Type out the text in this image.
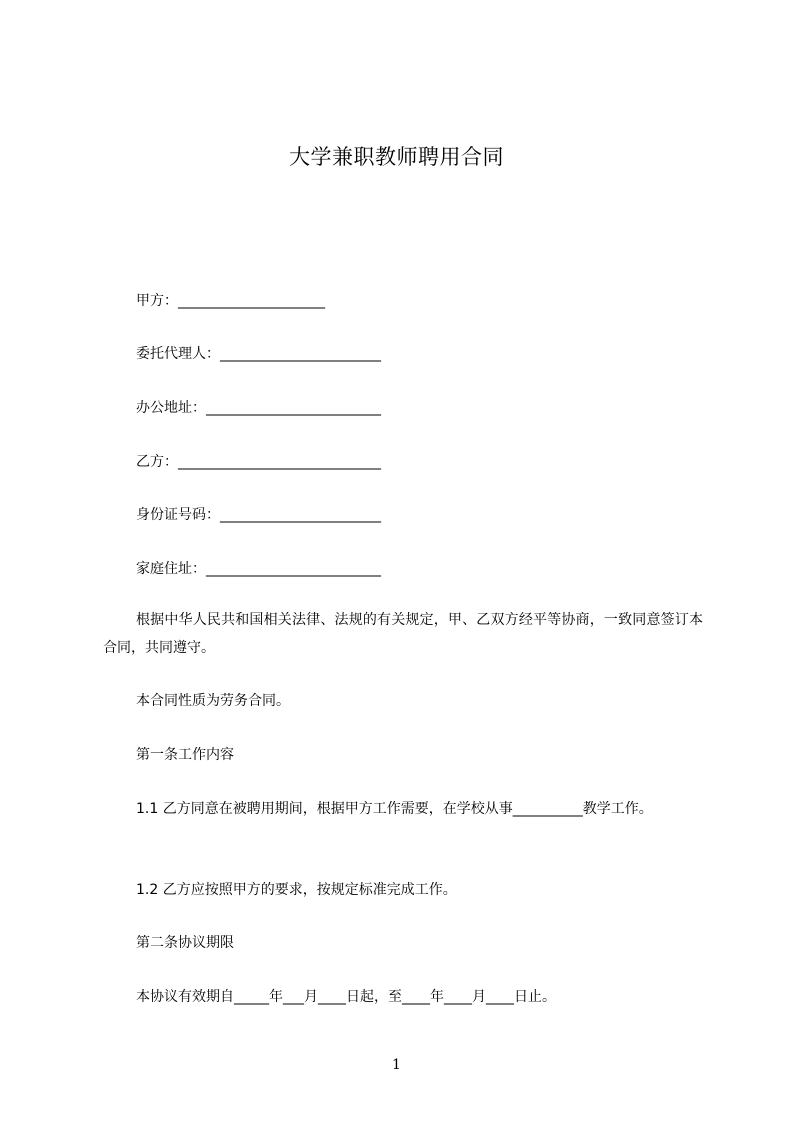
大学兼职教师聘用合同
甲方：_____________________
委托代理人：_______________________
办公地址：_________________________
乙方：_____________________________
身份证号码：_______________________
家庭住址：_________________________
根据中华人民共和国相关法律、法规的有关规定，甲、乙双方经平等协商，一致同意签订本合同，共同遵守。
本合同性质为劳务合同。
第一条工作内容
1.1 乙方同意在被聘用期间，根据甲方工作需要，在学校从事__________教学工作。
1.2 乙方应按照甲方的要求，按规定标准完成工作。
第二条协议期限
本协议有效期自_____年___月____日起，至____年____月____日止。
1
